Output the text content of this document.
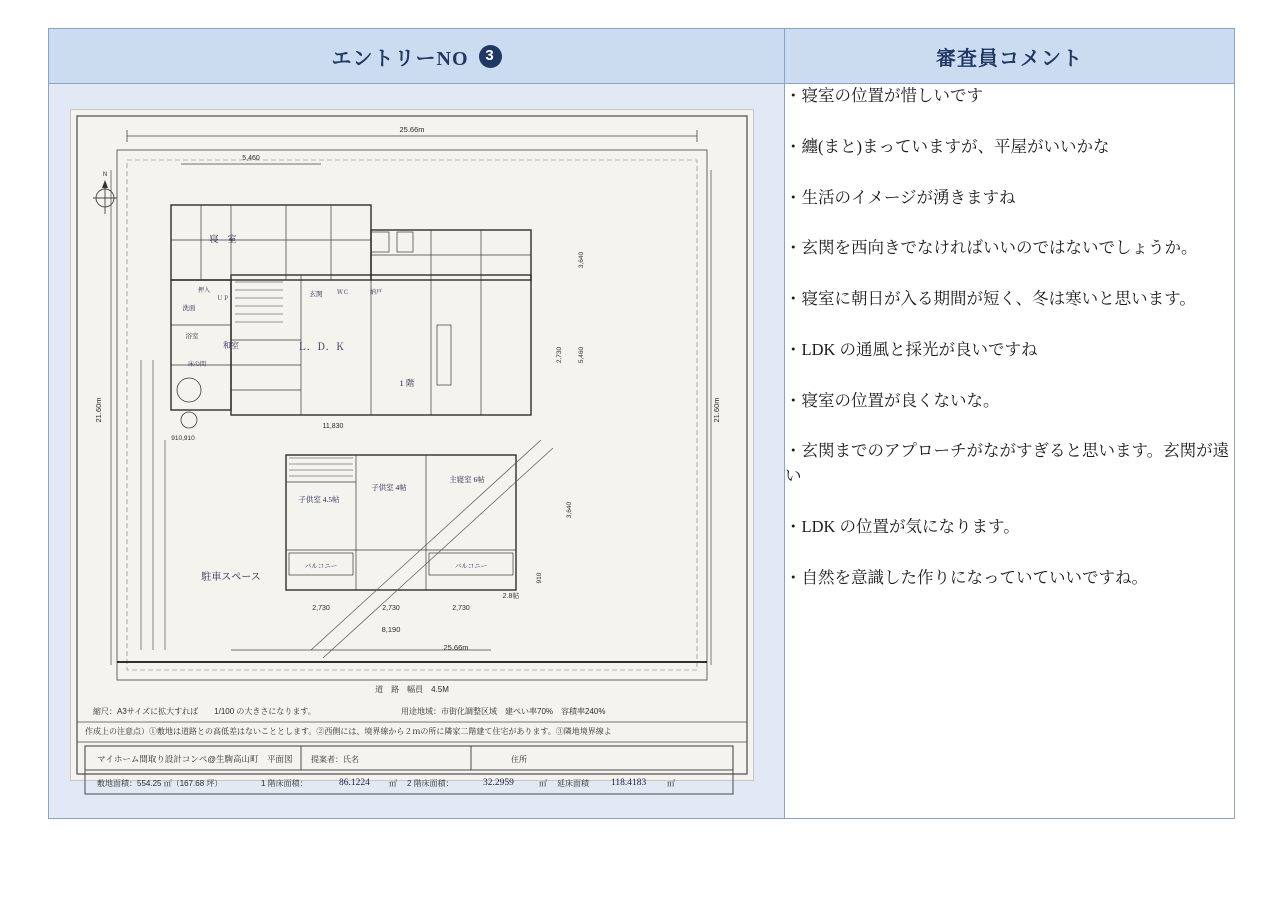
エントリーNO 3	審査員コメント

25.66m
5,460
21.60m	21.60m
N
3,640
5,460
2,730
3,640
910
11,830
910,910
2,730	2,730	2,730
8,190
2.8帖
25.66m
寝　室
洗面
浴室
押入
ＵＰ
和室
床の間
Ｌ．Ｄ．Ｋ
玄関 ＷＣ	納戸
1 階
子供室 4.5帖
子供室 4帖
主寝室 6帖
バルコニー	バルコニー
駐車スペース
道　路　幅員　4.5M
縮尺：A3サイズに拡大すれば　　1/100 の大きさになります。	用途地域：市街化調整区域　建ぺい率70%　容積率240%
作成上の注意点）①敷地は道路との高低差はないこととします。②西側には、境界線から２ｍの所に隣家二階建て住宅があります。③隣地境界線よ
マイホーム間取り設計コンペ@生駒高山町　平面図 提案者：氏名	住所
敷地面積：554.25 ㎡（167.68 坪）	1 階床面積：	86.1224 ㎡ 2 階床面積：	32.2959	㎡ 延床面積 118.4183	㎡

・寝室の位置が惜しいです
・纏(まと)まっていますが、平屋がいいかな
・生活のイメージが湧きますね
・玄関を西向きでなければいいのではないでしょうか。
・寝室に朝日が入る期間が短く、冬は寒いと思います。
・LDK の通風と採光が良いですね
・寝室の位置が良くないな。
・玄関までのアプローチがながすぎると思います。玄関が遠い
・LDK の位置が気になります。
・自然を意識した作りになっていていいですね。
